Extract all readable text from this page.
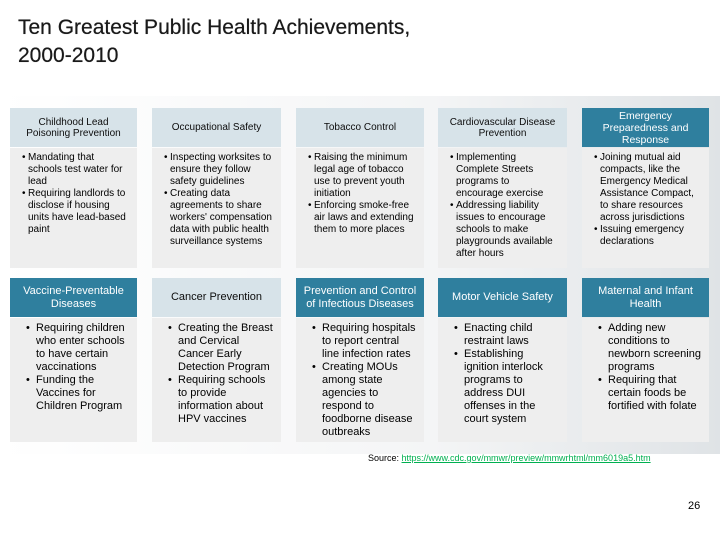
Ten Greatest Public Health Achievements,
2000-2010
Childhood Lead Poisoning Prevention	Occupational Safety	Tobacco Control	Cardiovascular Disease Prevention
Emergency Preparedness and Response
• Mandating that schools test water for lead
• Requiring landlords to disclose if housing units have lead-based paint
• Inspecting worksites to ensure they follow safety guidelines
• Creating data agreements to share workers' compensation data with public health surveillance systems
• Raising the minimum legal age of tobacco use to prevent youth initiation
• Enforcing smoke-free air laws and extending them to more places
• Implementing Complete Streets programs to encourage exercise
• Addressing liability issues to encourage schools to make playgrounds available after hours
• Joining mutual aid compacts, like the Emergency Medical Assistance Compact, to share resources across jurisdictions
• Issuing emergency declarations
Vaccine-Preventable Diseases
Cancer Prevention
Prevention and Control of Infectious Diseases
Motor Vehicle Safety
Maternal and Infant Health
• Requiring children who enter schools to have certain vaccinations
• Funding the Vaccines for Children Program
• Creating the Breast and Cervical Cancer Early Detection Program
• Requiring schools to provide information about HPV vaccines
• Requiring hospitals to report central line infection rates
• Creating MOUs among state agencies to respond to foodborne disease outbreaks
• Enacting child restraint laws
• Establishing ignition interlock programs to address DUI offenses in the court system
• Adding new conditions to newborn screening programs
• Requiring that certain foods be fortified with folate
Source: https://www.cdc.gov/mmwr/preview/mmwrhtml/mm6019a5.htm
26
